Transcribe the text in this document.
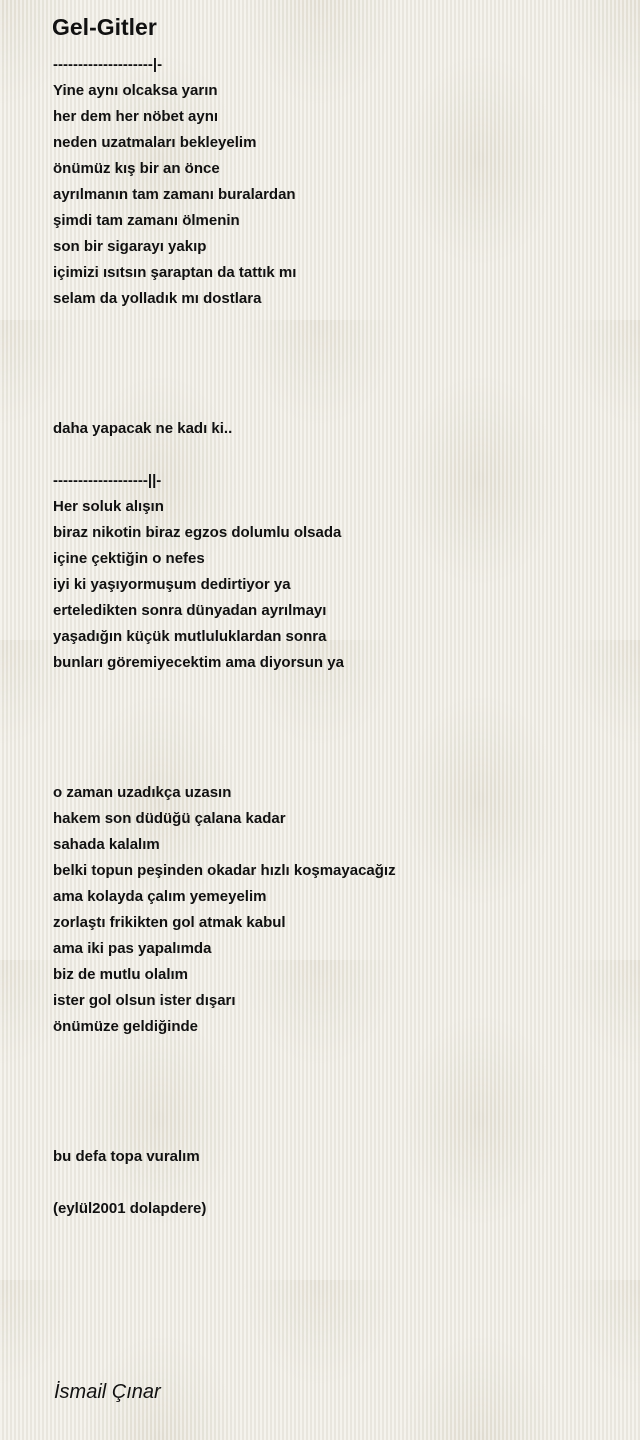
Gel-Gitler
--------------------|-
Yine aynı olcaksa yarın
her dem her nöbet aynı
neden uzatmaları bekleyelim
önümüz kış bir an önce
ayrılmanın tam zamanı buralardan
şimdi tam zamanı ölmenin
son bir sigarayı yakıp
içimizi ısıtsın şaraptan da tattık mı
selam da yolladık mı dostlara
daha yapacak ne kadı ki..
-------------------||-
Her soluk alışın
biraz nikotin biraz egzos dolumlu olsada
içine çektiğin o nefes
iyi ki yaşıyormuşum dedirtiyor ya
erteledikten sonra dünyadan ayrılmayı
yaşadığın küçük mutluluklardan sonra
bunları göremiyecektim ama diyorsun ya
o zaman uzadıkça uzasın
hakem son düdüğü çalana kadar
sahada kalalım
belki topun peşinden okadar hızlı koşmayacağız
ama kolayda çalım yemeyelim
zorlaştı frikikten gol atmak kabul
ama iki pas yapalımda
biz de mutlu olalım
ister gol olsun ister dışarı
önümüze geldiğinde
bu defa topa vuralım
(eylül2001 dolapdere)
İsmail Çınar
